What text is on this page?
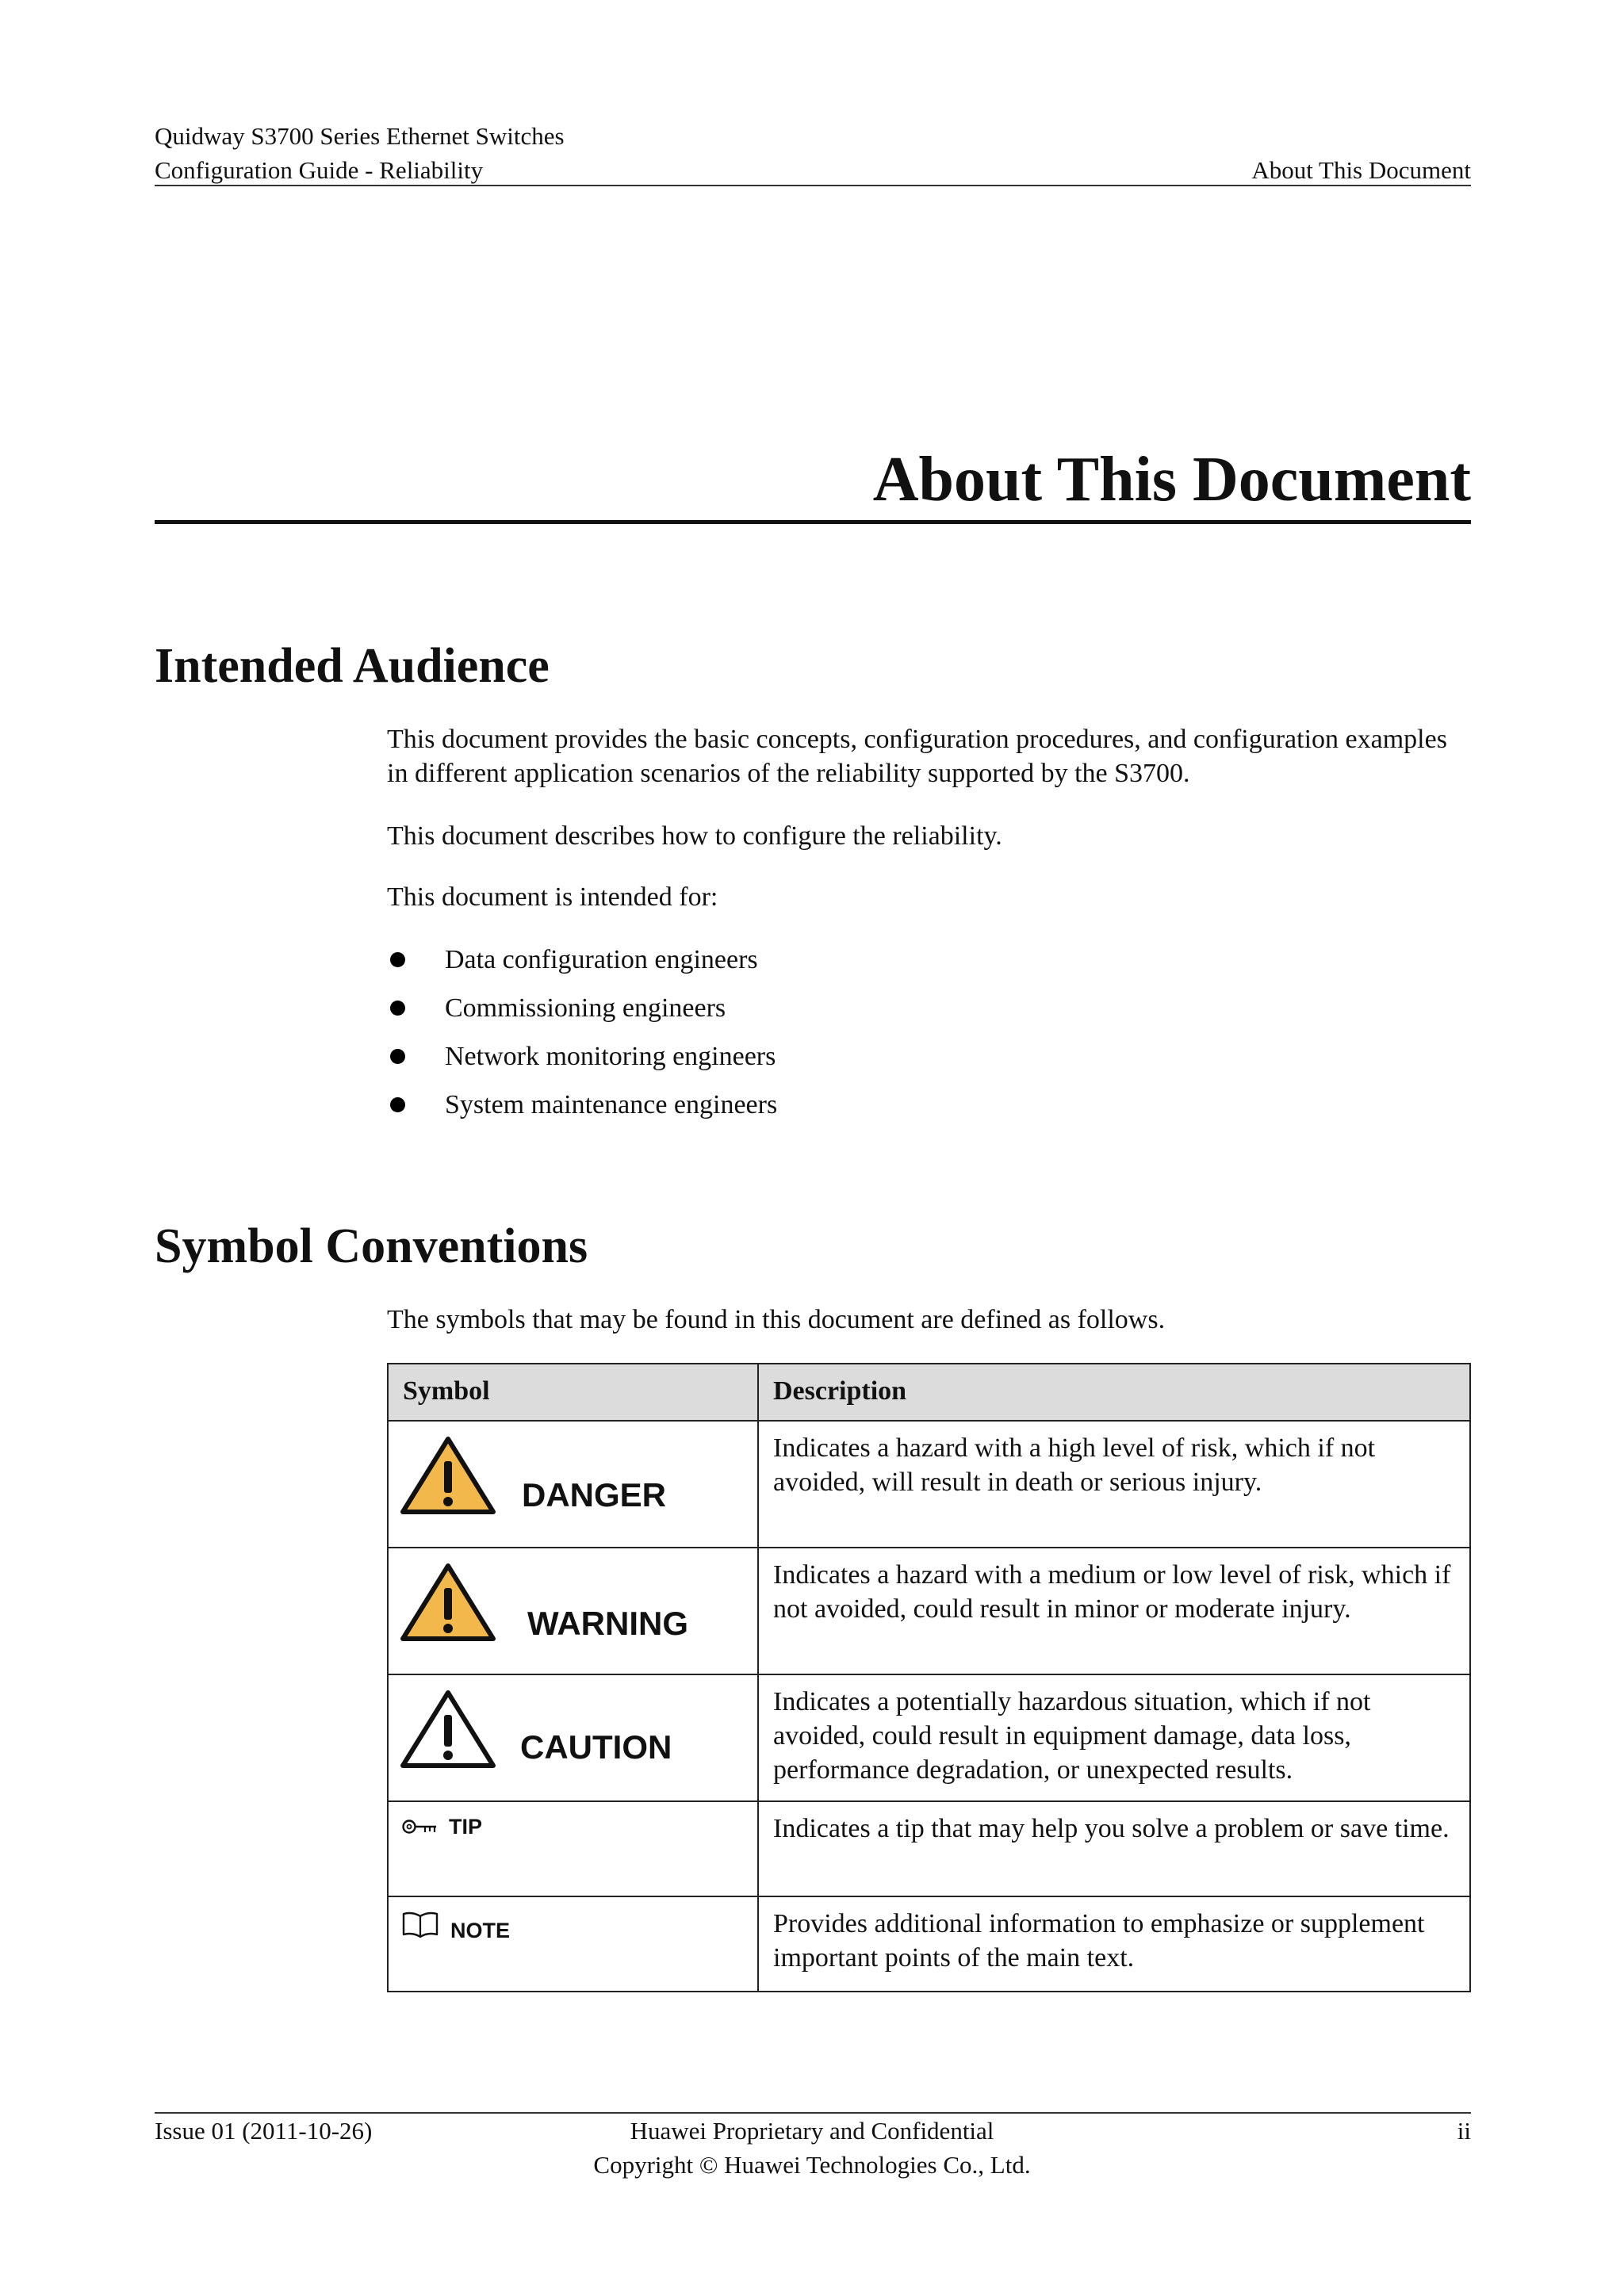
Quidway S3700 Series Ethernet Switches
Configuration Guide - Reliability	About This Document
About This Document
Intended Audience

This document provides the basic concepts, configuration procedures, and configuration examples in different application scenarios of the reliability supported by the S3700.

This document describes how to configure the reliability.

This document is intended for:

Data configuration engineers
Commissioning engineers
Network monitoring engineers
System maintenance engineers
Symbol Conventions

The symbols that may be found in this document are defined as follows.

Symbol	Description

DANGER	Indicates a hazard with a high level of risk, which if not avoided, will result in death or serious injury.

WARNING	Indicates a hazard with a medium or low level of risk, which if not avoided, could result in minor or moderate injury.

CAUTION	Indicates a potentially hazardous situation, which if not avoided, could result in equipment damage, data loss, performance degradation, or unexpected results.

TIP	Indicates a tip that may help you solve a problem or save time.

NOTE	Provides additional information to emphasize or supplement important points of the main text.
Issue 01 (2011-10-26)	Huawei Proprietary and Confidential
Copyright © Huawei Technologies Co., Ltd.
ii
